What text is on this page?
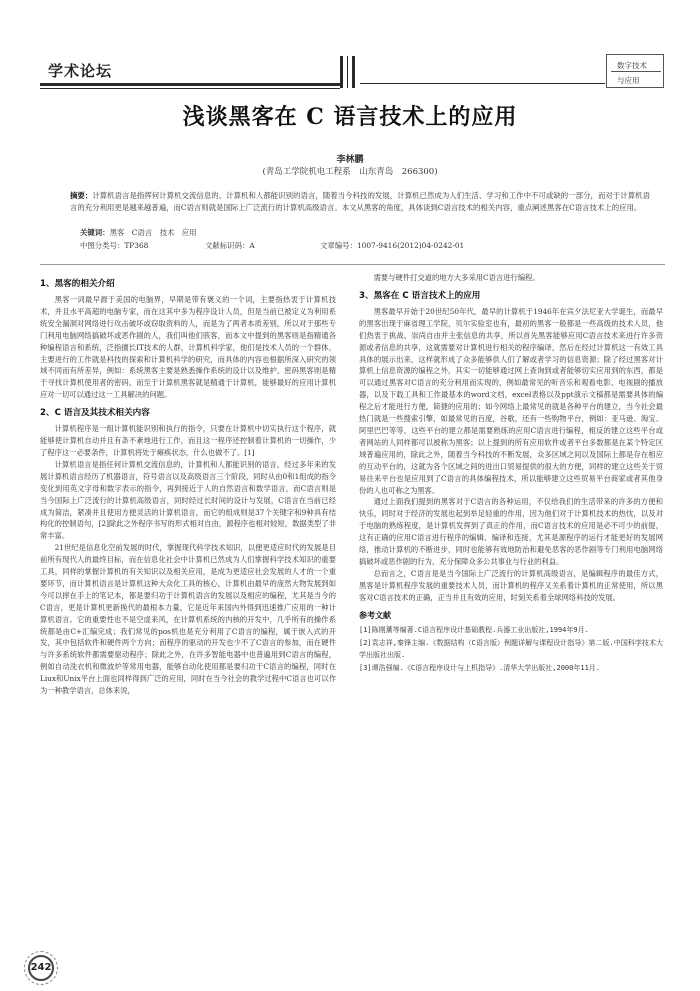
学术论坛	数字技术
与应用
浅谈黑客在 C 语言技术上的应用
李林鹏
(青岛工学院机电工程系　山东青岛　266300)
摘要：计算机语言是指挥何计算机交流信息的、计算机和人都能识别的语言，随着当今科技的发展，计算机已然成为人们生活、学习和工作中不可或缺的一部分，而对于计算机语言的充分利用更是越来越普遍，而C语言则就是国际上广泛流行的计算机高级语言。本文从黑客的角度，具体谈到C语言技术的相关内容，重点阐述黑客在C语言技术上的应用。
关键词：黑客　C语言　技术　应用
中图分类号：TP368	文献标识码：A	文章编号：1007-9416(2012)04-0242-01
1、黑客的相关介绍

黑客一词最早源于美国的电脑界，早期是带有褒义的一个词，主要指热衷于计算机技术，并且水平高超的电脑专家，而在这其中多为程序设计人员，但是当前已被定义为利用系统安全漏洞对网络进行攻击破坏或窃取资料的人，而是为了两者本质差别，所以对于那些专门利用电脑网络搞破坏或恶作剧的人，我们叫他们骇客，而本文中提到的黑客则是指精通各种编程语言和系统，泛指擅长IT技术的人群，计算机科学家，他们是技术人员的一个群体，主要进行的工作就是科技的探索和计算机科学的研究，而具体的内容也根据所深入研究的领域不同而有所差异，例如：系统黑客主要是熟悉操作系统的设计以及维护，密码黑客则是精于寻找计算机使用者的密码，而至于计算机黑客就是精通于计算机，能够最好的应用计算机应对一切可以通过这一工具解决的问题。

2、C 语言及其技术相关内容

计算机程序是一组计算机能识别和执行的指令，只要在计算机中切实执行这个程序，就能够使计算机自动并且有条不紊地进行工作，而且这一程序还控制着计算机的一切操作，少了程序这一必要条件，计算机将处于瘫痪状态，什么也做不了。[1]

计算机语言是指任何计算机交流信息的，计算机和人都能识别的语言，经过多年来的发展计算机语言经历了机器语言，符号语言以及高级语言三个阶段，同时从由0和1组成的指令变化到用英文字母和数字表示的指令，再到接近于人的自然语言和数学语言，而C语言则是当今国际上广泛流行的计算机高级语言，同时经过长时间的设计与发展，C语言在当前已经成为简洁，紧凑并且使用方便灵活的计算机语言，而它的组成则是37个关键字和9种具有结构化的控制语句，[2]除此之外程序书写的形式相对自由，源程序也相对较短，数据类型了非常丰富。

21世纪是信息化空前发展的时代，掌握现代科学技术知识，以便更适应时代的发展是目前所有现代人的最终目标，而在信息化社会中计算机已然成为人们掌握科学技术知识的重要工具，同样的掌握计算机的有关知识以及相关应用，是成为更适应社会发展的人才的一个重要环节，而计算机语言是计算机这种大众化工具的核心，计算机由最早的庞然大物发展到如今可以摔在手上的笔记本，都是要归功于计算机语言的发展以及相应的编程，尤其是当今的C语言，更是计算机更新换代的最根本力量，它是近年来国内外得到迅速推广应用的一种计算机语言。它的重要性也不是空虚来风，在计算机系统的内核的开发中，几乎所有的操作系统都是由C+汇编完成；我们常见的pos机也是充分利用了C语言的编程，属于嵌入式的开发，其中包括软件和硬件两个方向；而程序的驱动的开发也少不了C语言的参加，而在硬件与许多系统软件都需要驱动程序；除此之外，在许多智能电器中也普遍用到C语言的编程，例如自动洗衣机和微波炉等常用电器，能够自动化使用都是要归功于C语言的编程，同时在Liux和Unix平台上面也同样得到广泛的应用，同时在当今社会的教学过程中C语言也可以作为一种教学语言，总体来说，

需要与硬件打交道的地方大多采用C语言进行编程。

3、黑客在 C 语言技术上的应用

黑客最早开始于20世纪50年代，最早的计算机于1946年在宾夕法尼亚大学诞生，而最早的黑客出现于麻省理工学院，贝尔实验室也有，最初的黑客一般都是一些高级的技术人员，他们热衷于挑战、崇尚自由并主张信息的共享，所以首先黑客能够应用C语言技术来进行许多资源或者信息的共享，这就需要对计算机进行相关的程序编译，然后在经过计算机这一有效工具具体的展示出来，这样就形成了众多能够供人们了解或者学习的信息资源；除了经过黑客对计算机上信息资源的编程之外，其实一切能够通过网上查询到或者能够切实应用到的东西，都是可以通过黑客对C语言的充分利用而实现的，例如最常见的听音乐和观看电影、电视剧的播放器，以及下载工具和工作最基本的word文档，excel表格以及ppt演示文稿都是需要具体的编程之后才能进行方便，简捷的应用的；如今网络上最常见的就是各种平台的建立，当今社会最热门就是一些搜索引擎，如最常见的百度，谷歌，还有一些购物平台，例如：亚马逊、淘宝、阿里巴巴等等，这些平台的建立都是需要熟练的应用C语言进行编程，相反的建立这些平台或者网站的人同样都可以被称为黑客；以上提到的所有应用软件或者平台多数都是在某个特定区域普遍应用的，除此之外，随着当今科技的不断发展，众多区域之间以及国际上都是存在相应的互动平台的，这就为各个区域之间的进出口贸易提供的很大的方便，同样的建立这些关于贸易往来平台也是应用到了C语言的具体编程技术，所以能够建立这些贸易平台商家或者其他身份的人也可称之为黑客。

通过上面我们提到的黑客对于C语言的各种运用，不仅给我们的生活带来的许多的方便和快乐，同时对于经济的发展也起到举足轻重的作用，因为他们对于计算机技术的热忱，以及对于电脑的熟练程度，是计算机发挥到了真正的作用，而C语言技术的应用是必不可少的前提，这有正确的应用C语言进行程序的编辑、编译和连接，尤其是源程序的运行才能更好的发展网络，推动计算机的不断进步，同时也能够有效地防治和避免恶客的恶作剧等专门利用电脑网络搞破坏或恶作剧的行为，充分保障众多公共事业与行业的利益。

总而言之，C语言是是当今国际上广泛流行的计算机高级语言，是编辑程序的最佳方式，黑客是计算机程序发展的重要技术人员，而计算机的程序又关系着计算机的正常使用，所以黑客对C语言技术的正确，正当并且有效的应用，时刻关系着全球网络科技的发展。

参考文献
[1]陈刚薰等编著.C语言程序设计基础教程.兵器工业出版社,1994年9月.
[2]袁志祥,秦锋主编.《数据结构（C语言版）例题详解与课程设计指导》第二版.中国科学技术大学出版社出版.
[3]谭浩强编.《C语言程序设计与上机指导》.清华大学出版社,2000年11月.
242
